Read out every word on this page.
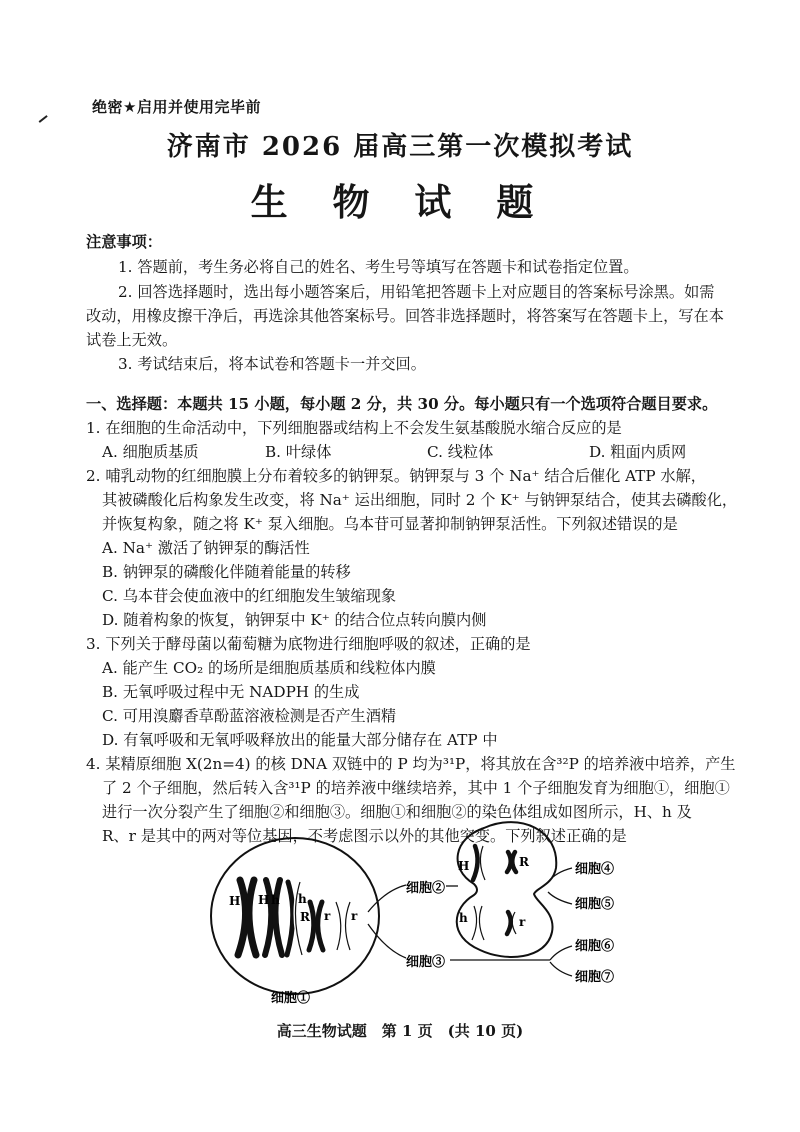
绝密★启用并使用完毕前
济南市 2026 届高三第一次模拟考试
生 物 试 题
注意事项：
1. 答题前，考生务必将自己的姓名、考生号等填写在答题卡和试卷指定位置。
2. 回答选择题时，选出每小题答案后，用铅笔把答题卡上对应题目的答案标号涂黑。如需
改动，用橡皮擦干净后，再选涂其他答案标号。回答非选择题时，将答案写在答题卡上，写在本
试卷上无效。
3. 考试结束后，将本试卷和答题卡一并交回。
一、选择题：本题共 15 小题，每小题 2 分，共 30 分。每小题只有一个选项符合题目要求。
1. 在细胞的生命活动中，下列细胞器或结构上不会发生氨基酸脱水缩合反应的是
A. 细胞质基质	B. 叶绿体	C. 线粒体	D. 粗面内质网
2. 哺乳动物的红细胞膜上分布着较多的钠钾泵。钠钾泵与 3 个 Na⁺ 结合后催化 ATP 水解，
其被磷酸化后构象发生改变，将 Na⁺ 运出细胞，同时 2 个 K⁺ 与钠钾泵结合，使其去磷酸化，
并恢复构象，随之将 K⁺ 泵入细胞。乌本苷可显著抑制钠钾泵活性。下列叙述错误的是
A. Na⁺ 激活了钠钾泵的酶活性
B. 钠钾泵的磷酸化伴随着能量的转移
C. 乌本苷会使血液中的红细胞发生皱缩现象
D. 随着构象的恢复，钠钾泵中 K⁺ 的结合位点转向膜内侧
3. 下列关于酵母菌以葡萄糖为底物进行细胞呼吸的叙述，正确的是
A. 能产生 CO₂ 的场所是细胞质基质和线粒体内膜
B. 无氧呼吸过程中无 NADPH 的生成
C. 可用溴麝香草酚蓝溶液检测是否产生酒精
D. 有氧呼吸和无氧呼吸释放出的能量大部分储存在 ATP 中
4. 某精原细胞 X(2n=4) 的核 DNA 双链中的 P 均为³¹P，将其放在含³²P 的培养液中培养，产生
了 2 个子细胞，然后转入含³¹P 的培养液中继续培养，其中 1 个子细胞发育为细胞①，细胞①
进行一次分裂产生了细胞②和细胞③。细胞①和细胞②的染色体组成如图所示，H、h 及
R、r 是其中的两对等位基因，不考虑图示以外的其他突变。下列叙述正确的是
H H h h
R r r
细胞①
细胞②
细胞③
H	R
h	r
细胞④
细胞⑤
细胞⑥
细胞⑦
高三生物试题　第 1 页　(共 10 页)
